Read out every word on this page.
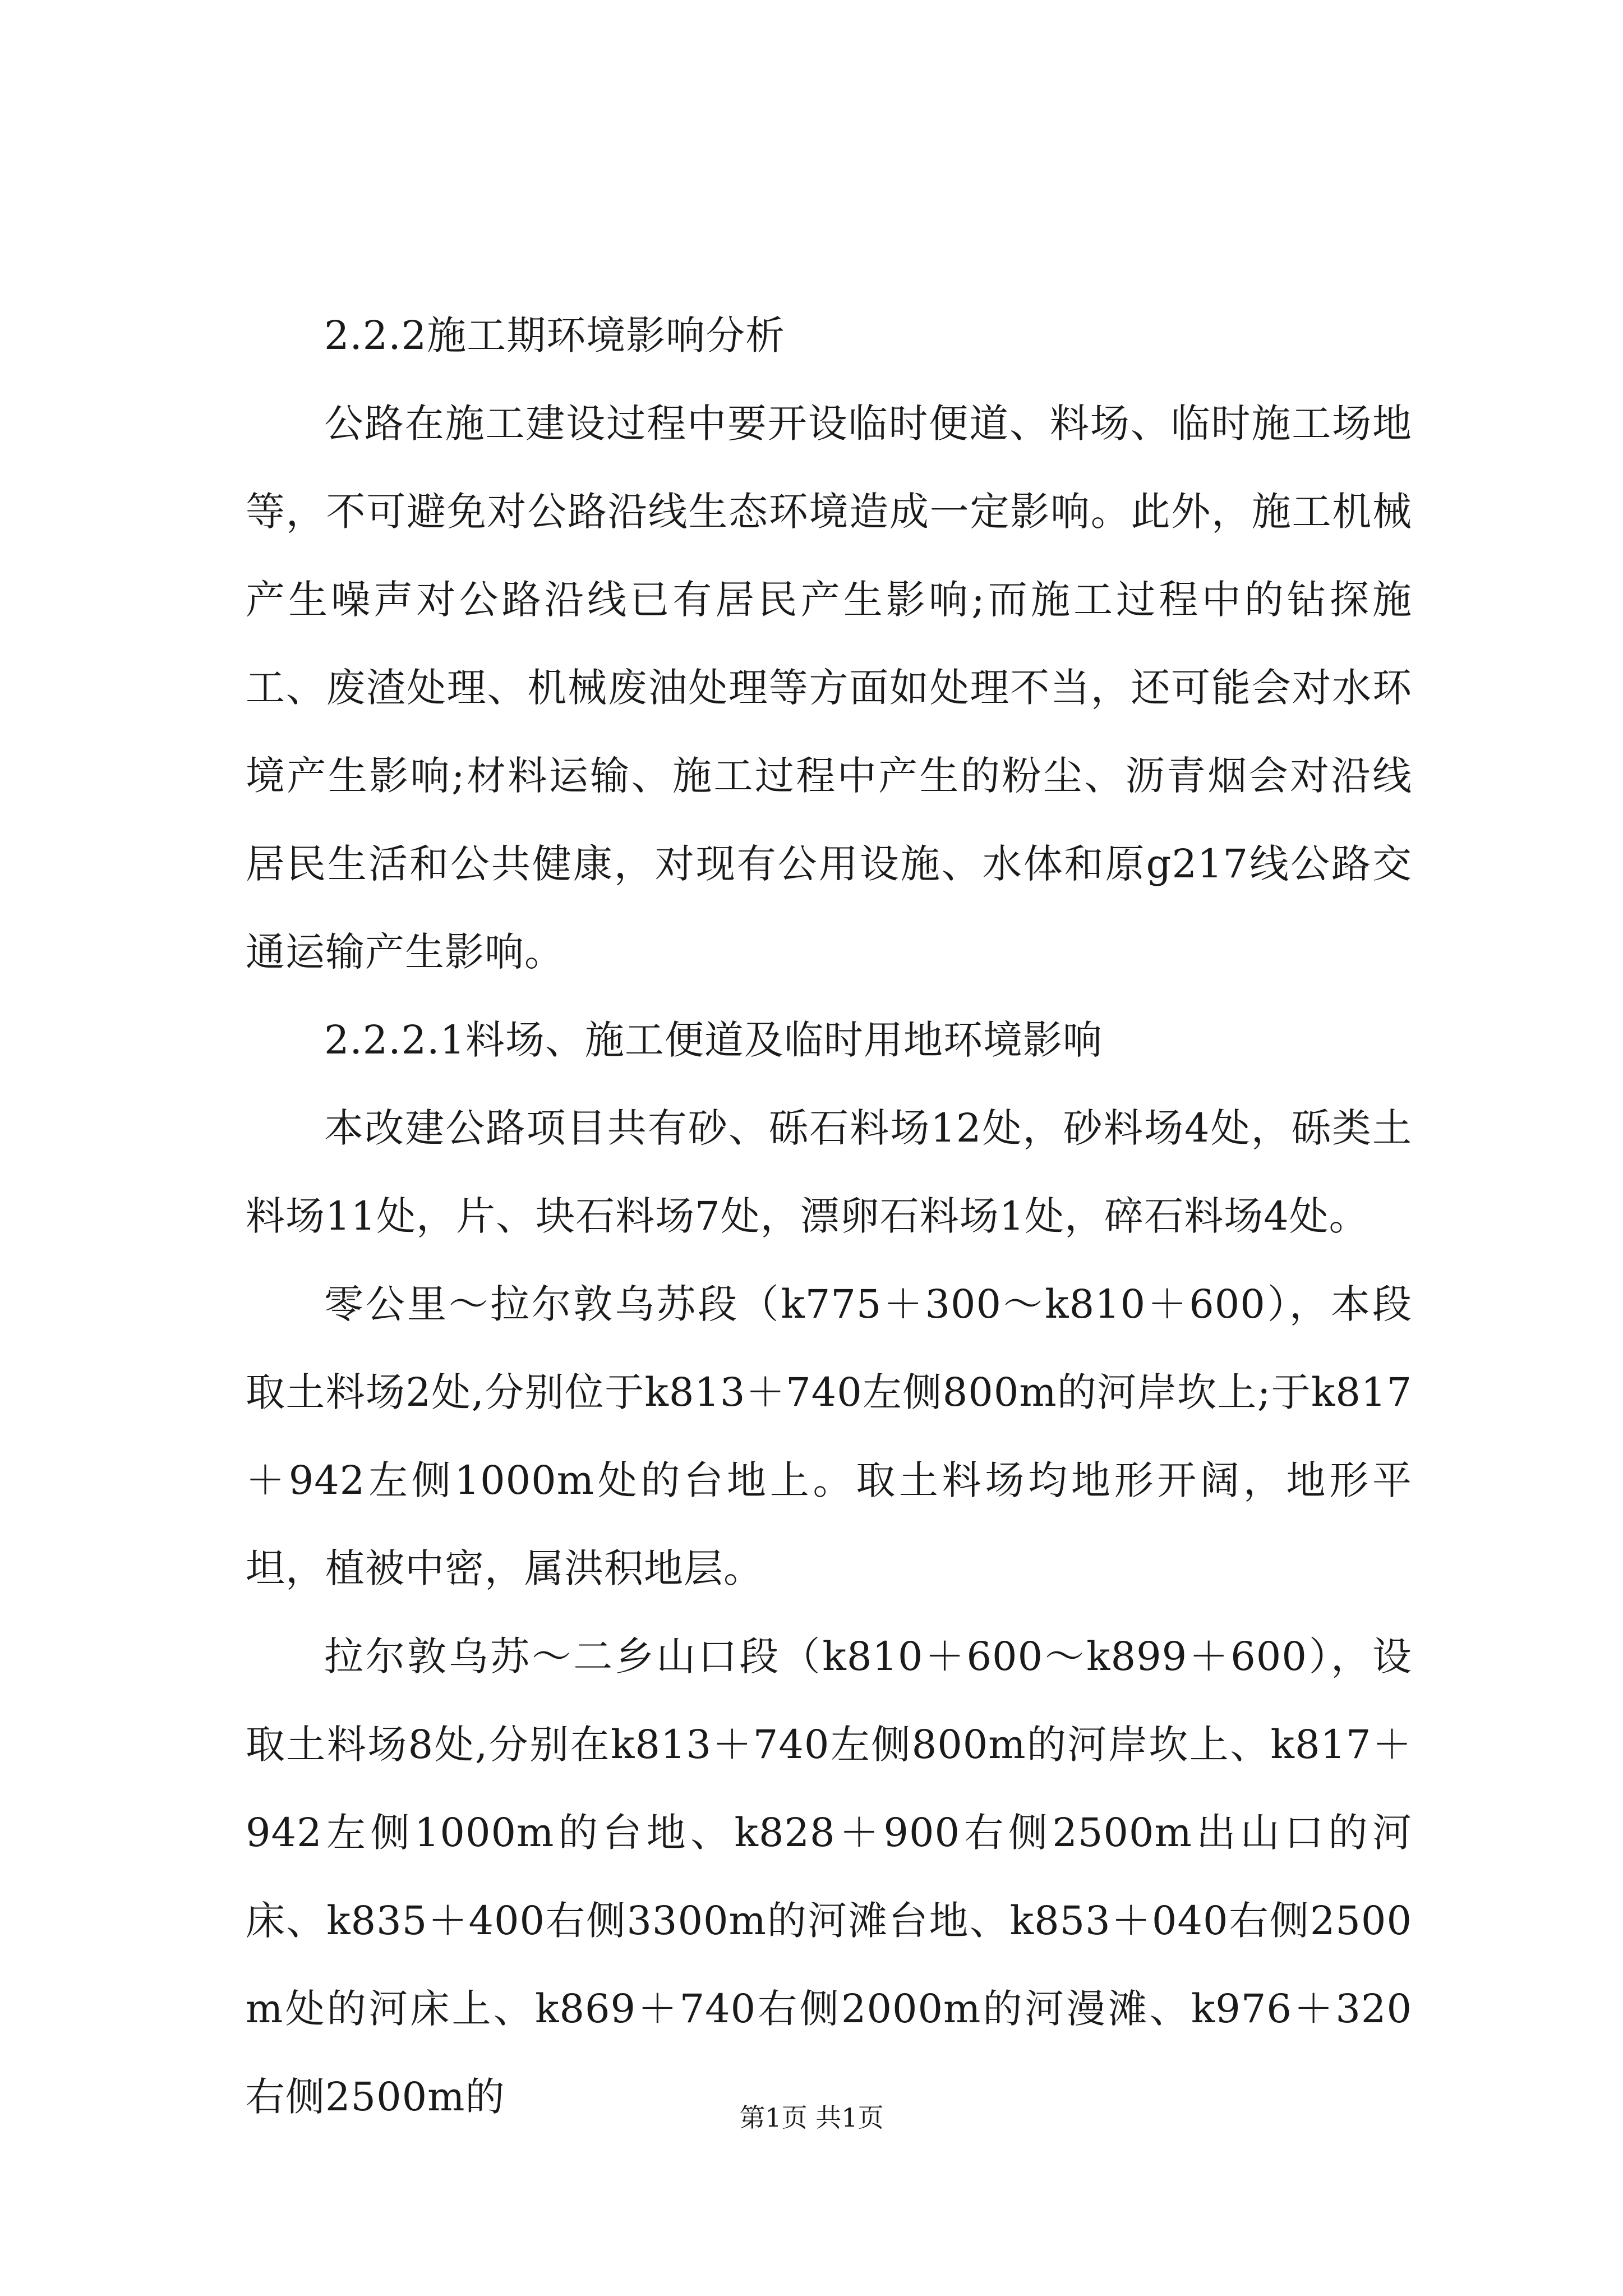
2.2.2施工期环境影响分析

公路在施工建设过程中要开设临时便道、料场、临时施工场地等，不可避免对公路沿线生态环境造成一定影响。此外，施工机械产生噪声对公路沿线已有居民产生影响;而施工过程中的钻探施工、废渣处理、机械废油处理等方面如处理不当，还可能会对水环境产生影响;材料运输、施工过程中产生的粉尘、沥青烟会对沿线居民生活和公共健康，对现有公用设施、水体和原g217线公路交通运输产生影响。

2.2.2.1料场、施工便道及临时用地环境影响

本改建公路项目共有砂、砾石料场12处，砂料场4处，砾类土料场11处，片、块石料场7处，漂卵石料场1处，碎石料场4处。

零公里～拉尔敦乌苏段（k775＋300～k810＋600），本段取土料场2处,分别位于k813＋740左侧800m的河岸坎上;于k817＋942左侧1000m处的台地上。取土料场均地形开阔，地形平坦，植被中密，属洪积地层。

拉尔敦乌苏～二乡山口段（k810＋600～k899＋600），设取土料场8处,分别在k813＋740左侧800m的河岸坎上、k817＋942左侧1000m的台地、k828＋900右侧2500m出山口的河床、k835＋400右侧3300m的河滩台地、k853＋040右侧2500m处的河床上、k869＋740右侧2000m的河漫滩、k976＋320右侧2500m的	第1页 共1页
